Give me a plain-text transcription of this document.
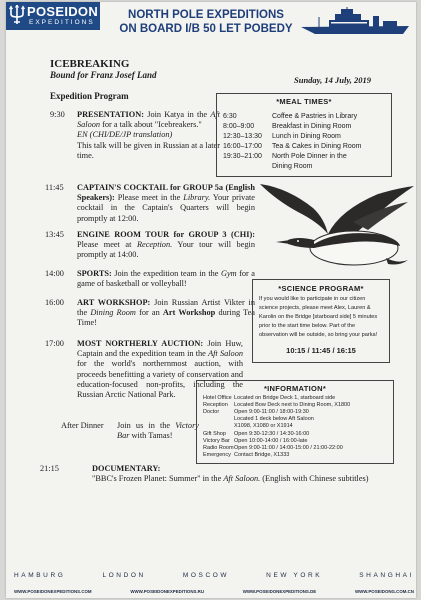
POSEIDON
EXPEDITIONS
NORTH POLE EXPEDITIONS
ON BOARD I/B 50 LET POBEDY
ICEBREAKING
Bound for Franz Josef Land	Sunday, 14 July, 2019
Expedition Program
9:30 PRESENTATION: Join Katya in the Aft Saloon for a talk about "Icebreakers."
EN (CHI/DE/JP translation)
This talk will be given in Russian at a later time.
11:45 CAPTAIN'S COCKTAIL for GROUP 5a (English Speakers): Please meet in the Library. Your private cocktail in the Captain's Quarters will begin promptly at 12:00.
13:45 ENGINE ROOM TOUR for GROUP 3 (CHI): Please meet at Reception. Your tour will begin promptly at 14:00.
14:00 SPORTS: Join the expedition team in the Gym for a game of basketball or volleyball!
16:00 ART WORKSHOP: Join Russian Artist Vikter in the Dining Room for an Art Workshop during Tea Time!
17:00 MOST NORTHERLY AUCTION: Join Huw, Captain and the expedition team in the Aft Saloon for the world's northernmost auction, with proceeds benefitting a variety of conservation and education-focused non-profits, including the Russian Arctic National Park.
After Dinner Join us in the Victory Bar with Tamas!
21:15	DOCUMENTARY:
"BBC's Frozen Planet: Summer" in the Aft Saloon. (English with Chinese subtitles)
*MEAL TIMES*
6:30	Coffee & Pastries in Library
8:00–9:00	Breakfast in Dining Room
12:30–13:30 Lunch in Dining Room
16:00–17:00 Tea & Cakes in Dining Room
19:30–21:00 North Pole Dinner in the
Dining Room
*SCIENCE PROGRAM*
If you would like to participate in our citizen science projects, please meet Alex, Lauren & Karolin on the Bridge [starboard side] 5 minutes prior to the start time below. Part of the observation will be outside, so bring your parka!
10:15 / 11:45 / 16:15
*INFORMATION*
Hotel Office Located on Bridge Deck 1, starboard side
Reception Located Bow Deck next to Dining Room, X1800
Doctor	Open 9:00-11:00 / 18:00-19:30
Located 1 deck below Aft Saloon
X1098, X1080 or X1914
Gift Shop Open 9:30-12:30 / 14:30-16:00
Victory Bar Open 10:00-14:00 / 16:00-late
Radio Room Open 9:00-11:00 / 14:00-15:00 / 21:00-22:00
Emergency Contact Bridge, X1333
HAMBURG	LONDON	MOSCOW	NEW YORK	SHANGHAI
WWW.POSEIDONEXPEDITIONS.COM	WWW.POSEIDONEXPEDITIONS.RU	WWW.POSEIDONEXPEDITIONS.DE	WWW.POSEIDONG.COM.CN
